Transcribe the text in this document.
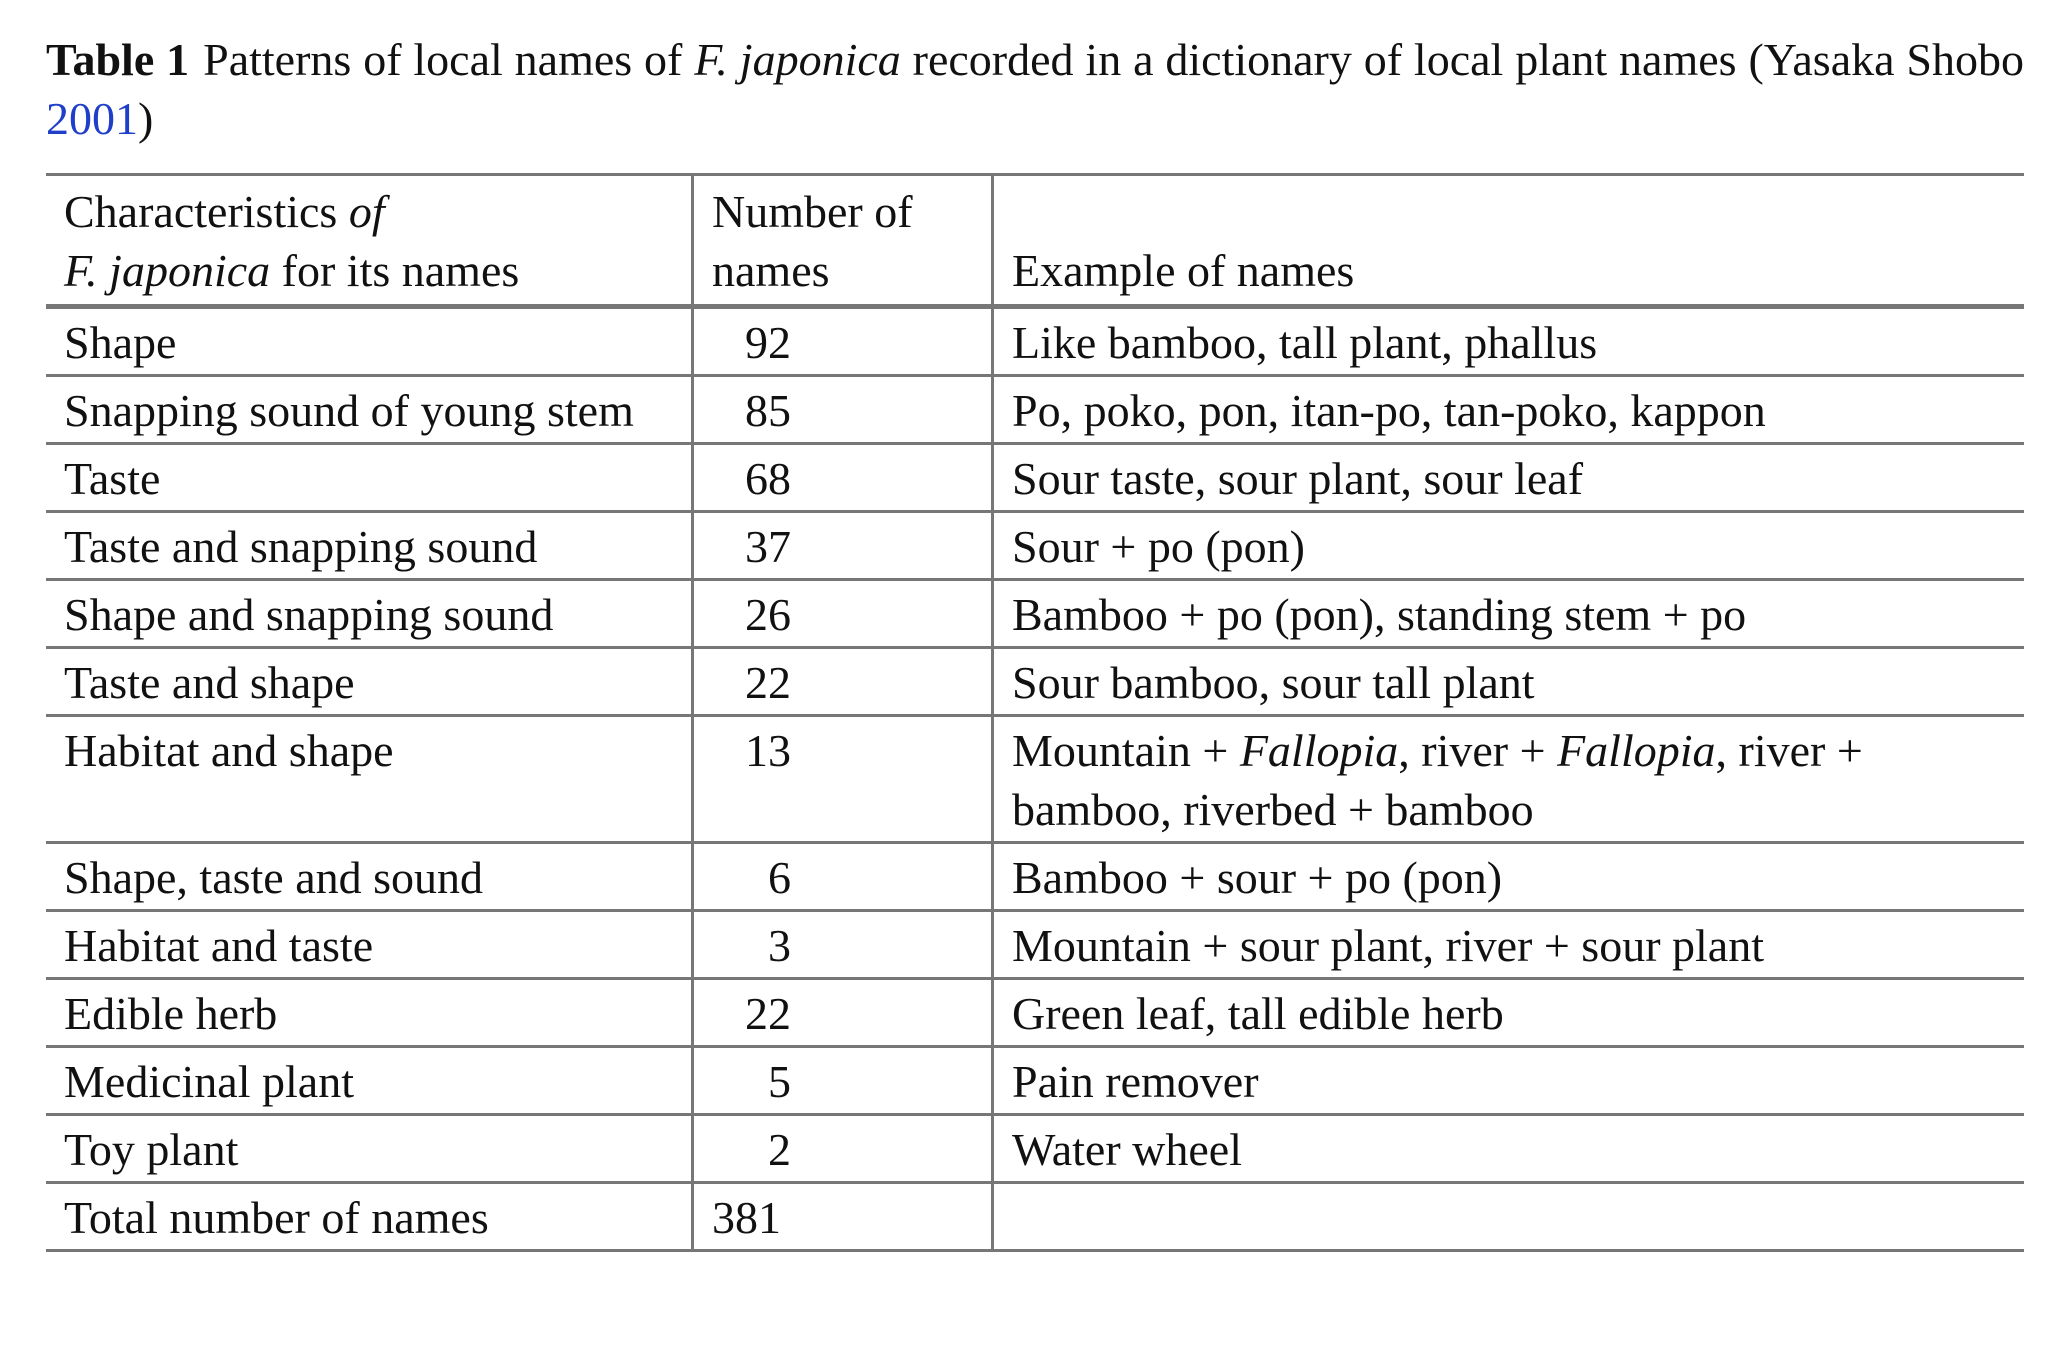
Table 1 Patterns of local names of F. japonica recorded in a dictionary of local plant names (Yasaka Shobo 2001)
Characteristics of
F. japonica for its names	Number of names	Example of names
Shape	92	Like bamboo, tall plant, phallus
Snapping sound of young stem	85	Po, poko, pon, itan-po, tan-poko, kappon
Taste	68	Sour taste, sour plant, sour leaf
Taste and snapping sound	37	Sour + po (pon)
Shape and snapping sound	26	Bamboo + po (pon), standing stem + po
Taste and shape	22	Sour bamboo, sour tall plant
Habitat and shape	13	Mountain + Fallopia, river + Fallopia, river + bamboo, riverbed + bamboo
Shape, taste and sound	6	Bamboo + sour + po (pon)
Habitat and taste	3	Mountain + sour plant, river + sour plant
Edible herb	22	Green leaf, tall edible herb
Medicinal plant	5	Pain remover
Toy plant	2	Water wheel
Total number of names	381	
